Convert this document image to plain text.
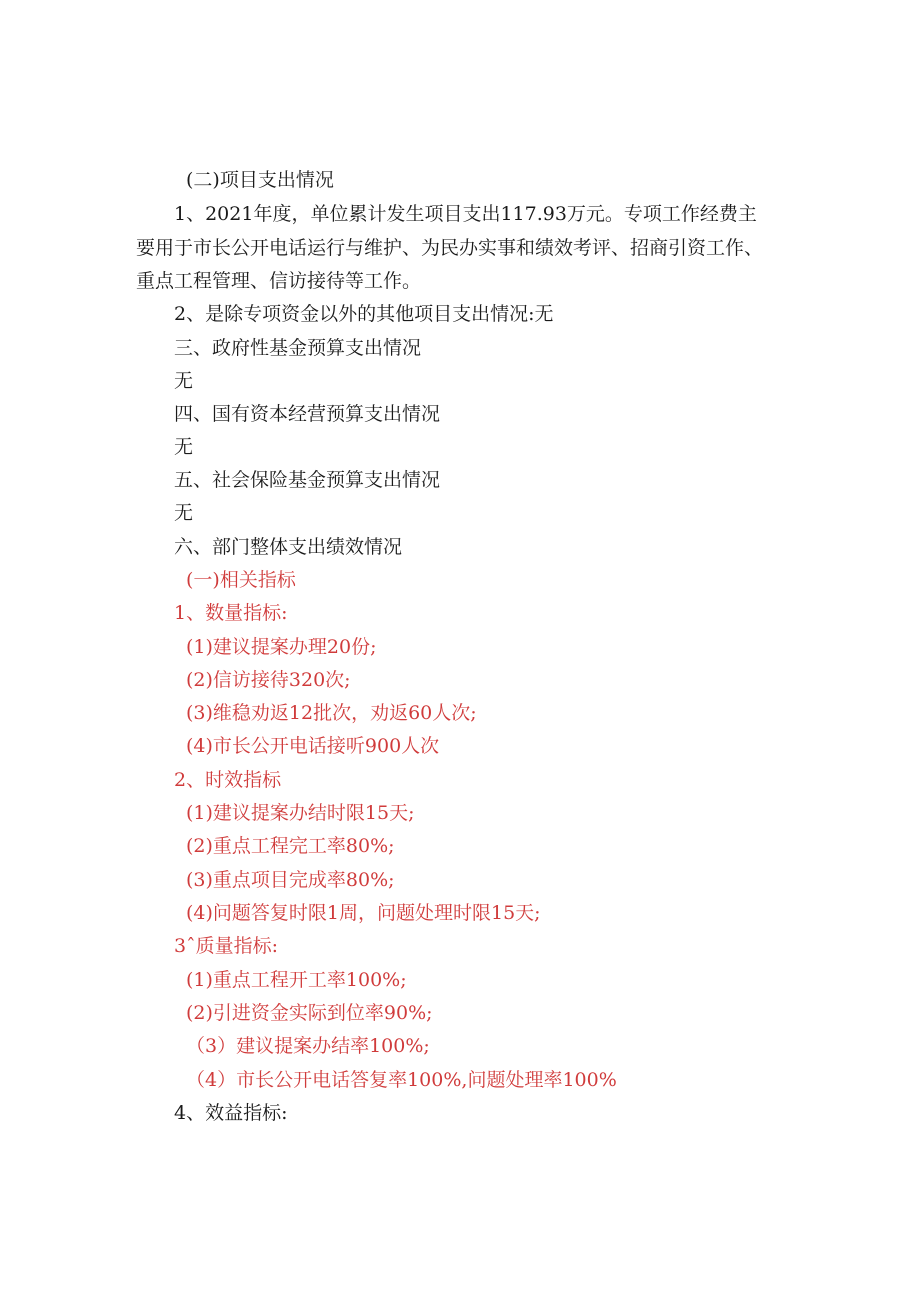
(二)项目支出情况
1、2021年度，单位累计发生项目支出117.93万元。专项工作经费主
要用于市长公开电话运行与维护、为民办实事和绩效考评、招商引资工作、
重点工程管理、信访接待等工作。
2、是除专项资金以外的其他项目支出情况:无
三、政府性基金预算支出情况
无
四、国有资本经营预算支出情况
无
五、社会保险基金预算支出情况
无
六、部门整体支出绩效情况
(一)相关指标
1、数量指标:
(1)建议提案办理20份;
(2)信访接待320次;
(3)维稳劝返12批次，劝返60人次;
(4)市长公开电话接听900人次
2、时效指标
(1)建议提案办结时限15天;
(2)重点工程完工率80%;
(3)重点项目完成率80%;
(4)问题答复时限1周，问题处理时限15天;
3ˆ质量指标:
(1)重点工程开工率100%;
(2)引进资金实际到位率90%;
（3）建议提案办结率100%;
（4）市长公开电话答复率100%,问题处理率100%
4、效益指标:
